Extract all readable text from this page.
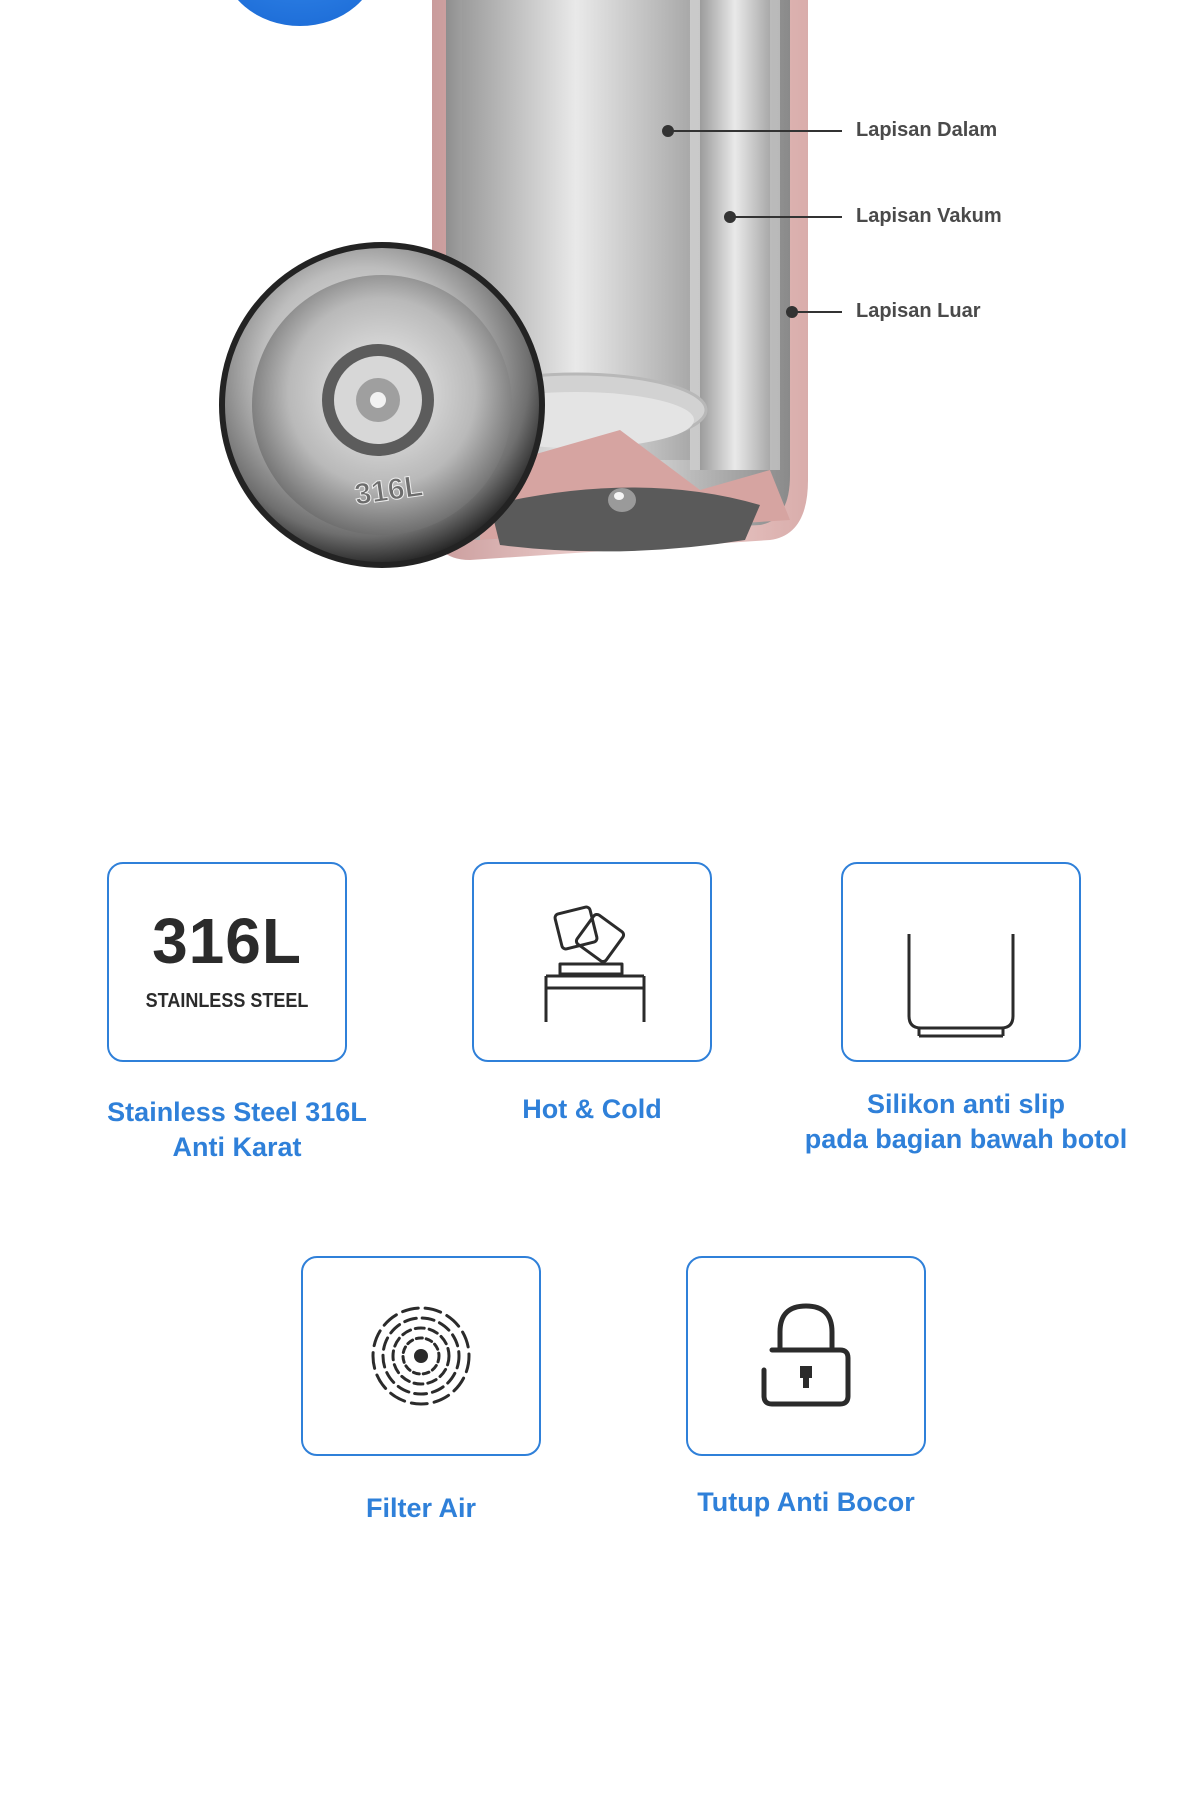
316L
Lapisan Dalam
Lapisan Vakum
Lapisan Luar
316L
STAINLESS STEEL
Stainless Steel 316L
Anti Karat
Hot & Cold	Silikon anti slip
pada bagian bawah botol
Filter Air	Tutup Anti Bocor
